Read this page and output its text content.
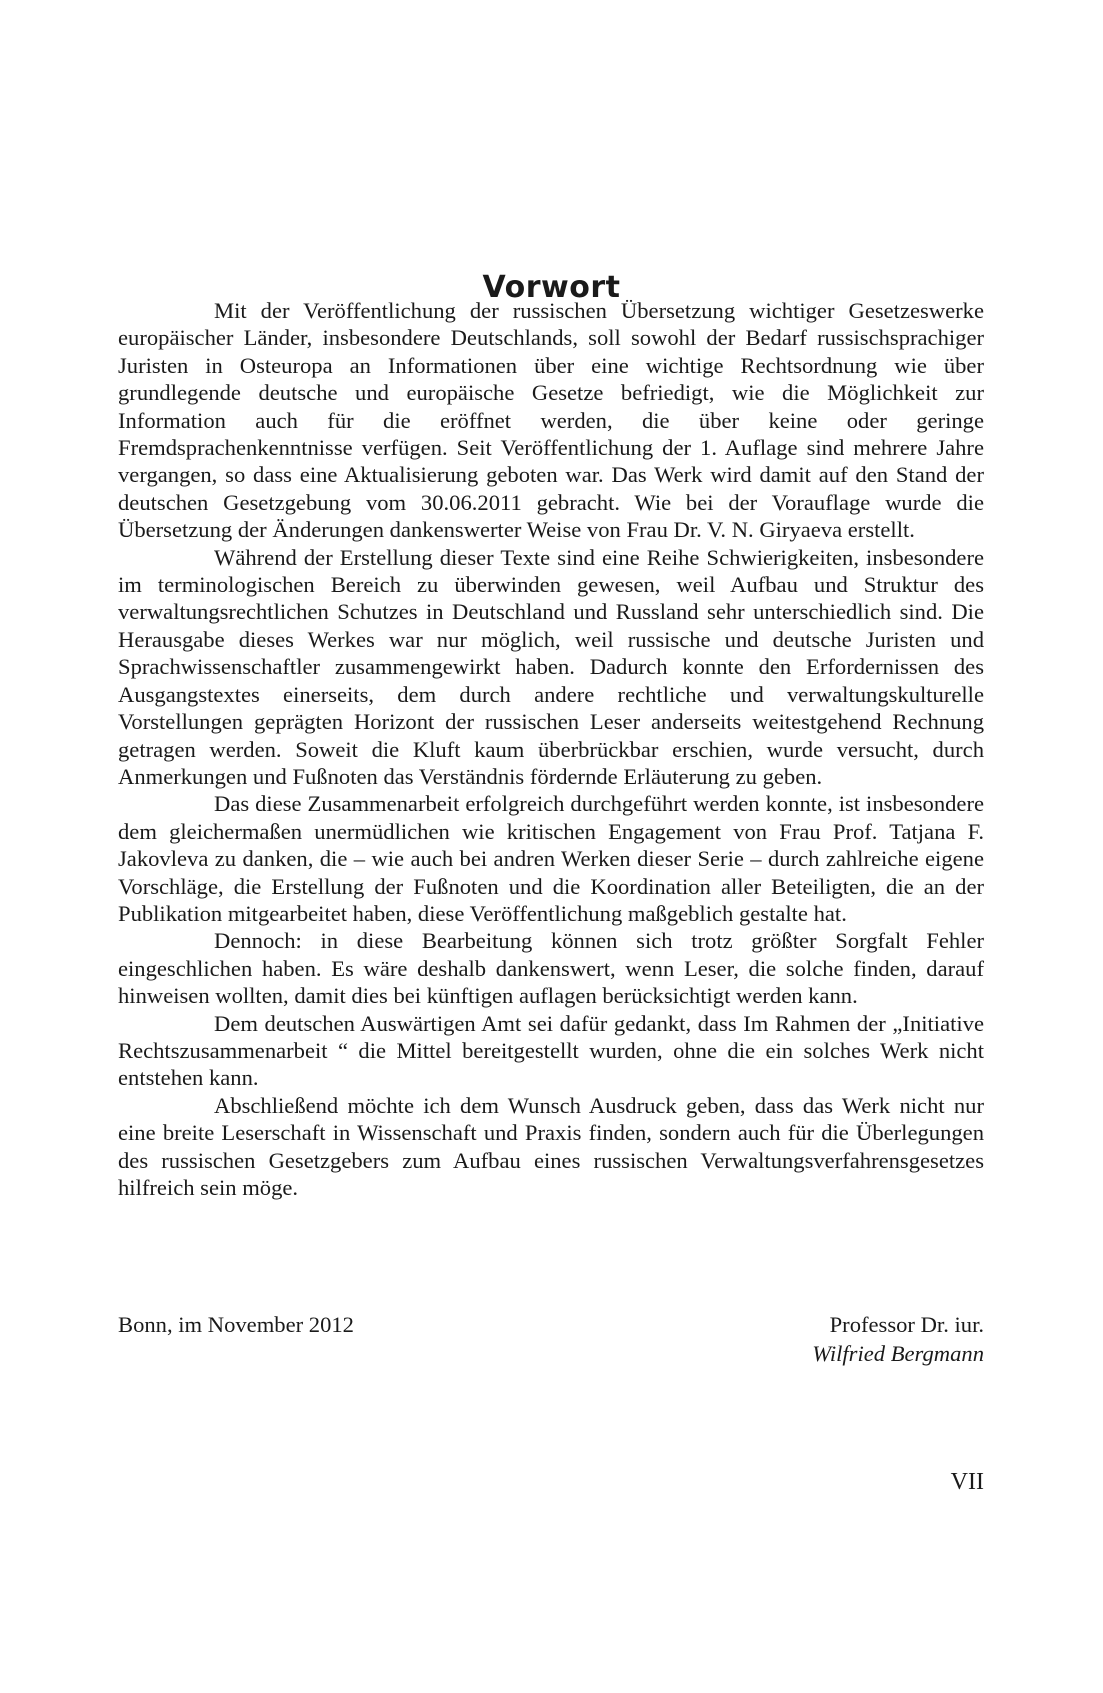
Vorwort

Mit der Veröffentlichung der russischen Übersetzung wichtiger Gesetzeswerke europäischer Länder, insbesondere Deutschlands, soll sowohl der Bedarf russischsprachiger Juristen in Osteuropa an Informationen über eine wichtige Rechtsordnung wie über grundlegende deutsche und europäische Gesetze befriedigt, wie die Möglichkeit zur Information auch für die eröffnet werden, die über keine oder geringe Fremdsprachenkenntnisse verfügen. Seit Veröffentlichung der 1. Auflage sind mehrere Jahre vergangen, so dass eine Aktualisierung geboten war. Das Werk wird damit auf den Stand der deutschen Gesetzgebung vom 30.06.2011 gebracht. Wie bei der Vorauflage wurde die Übersetzung der Änderungen dankenswerter Weise von Frau Dr. V. N. Giryaeva erstellt.

Während der Erstellung dieser Texte sind eine Reihe Schwierigkeiten, insbesondere im terminologischen Bereich zu überwinden gewesen, weil Aufbau und Struktur des verwaltungsrechtlichen Schutzes in Deutschland und Russland sehr unterschiedlich sind. Die Herausgabe dieses Werkes war nur möglich, weil russische und deutsche Juristen und Sprachwissenschaftler zusammengewirkt haben. Dadurch konnte den Erfordernissen des Ausgangstextes einerseits, dem durch andere rechtliche und verwaltungskulturelle Vorstellungen geprägten Horizont der russischen Leser anderseits weitestgehend Rechnung getragen werden. Soweit die Kluft kaum überbrückbar erschien, wurde versucht, durch Anmerkungen und Fußnoten das Verständnis fördernde Erläuterung zu geben.

Das diese Zusammenarbeit erfolgreich durchgeführt werden konnte, ist insbesondere dem gleichermaßen unermüdlichen wie kritischen Engagement von Frau Prof. Tatjana F. Jakovleva zu danken, die – wie auch bei andren Werken dieser Serie – durch zahlreiche eigene Vorschläge, die Erstellung der Fußnoten und die Koordination aller Beteiligten, die an der Publikation mitgearbeitet haben, diese Veröffentlichung maßgeblich gestalte hat.

Dennoch: in diese Bearbeitung können sich trotz größter Sorgfalt Fehler eingeschlichen haben. Es wäre deshalb dankenswert, wenn Leser, die solche finden, darauf hinweisen wollten, damit dies bei künftigen auflagen berücksichtigt werden kann.

Dem deutschen Auswärtigen Amt sei dafür gedankt, dass Im Rahmen der „Initiative Rechtszusammenarbeit “ die Mittel bereitgestellt wurden, ohne die ein solches Werk nicht entstehen kann.

Abschließend möchte ich dem Wunsch Ausdruck geben, dass das Werk nicht nur eine breite Leserschaft in Wissenschaft und Praxis finden, sondern auch für die Überlegungen des russischen Gesetzgebers zum Aufbau eines russischen Verwaltungsverfahrensgesetzes hilfreich sein möge.

Bonn, im November 2012	Professor Dr. iur.
Wilfried Bergmann
VII
